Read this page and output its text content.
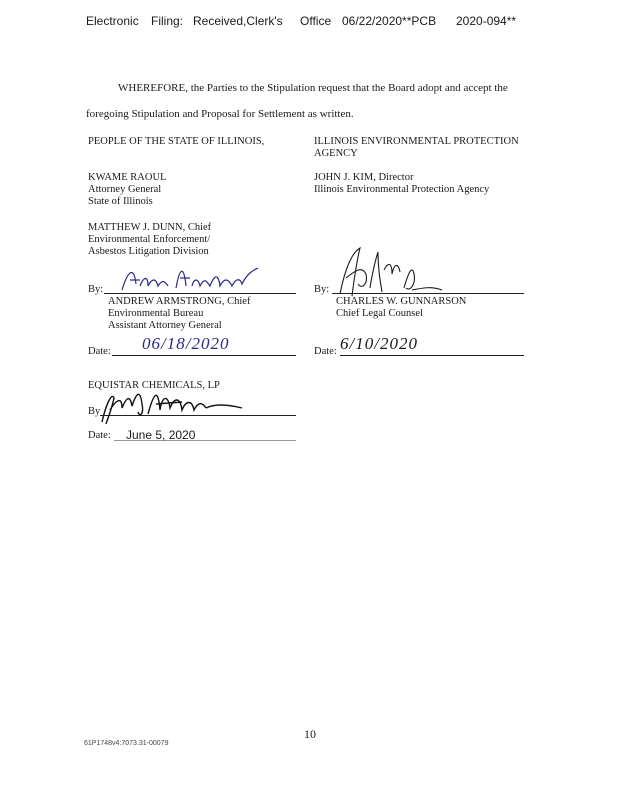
Electronic Filing: Received,Clerk's Office 06/22/2020**PCB 2020-094**
WHEREFORE, the Parties to the Stipulation request that the Board adopt and accept the
foregoing Stipulation and Proposal for Settlement as written.
PEOPLE OF THE STATE OF ILLINOIS,
KWAME RAOUL
Attorney General
State of Illinois
MATTHEW J. DUNN, Chief
Environmental Enforcement/
Asbestos Litigation Division
By:
ANDREW ARMSTRONG, Chief
Environmental Bureau
Assistant Attorney General
Date: 06/18/2020
ILLINOIS ENVIRONMENTAL PROTECTION
AGENCY
JOHN J. KIM, Director
Illinois Environmental Protection Agency
By:
CHARLES W. GUNNARSON
Chief Legal Counsel
Date: 6/10/2020
EQUISTAR CHEMICALS, LP
By
Date: June 5, 2020
10
61P1748v4:7073.31-00079
